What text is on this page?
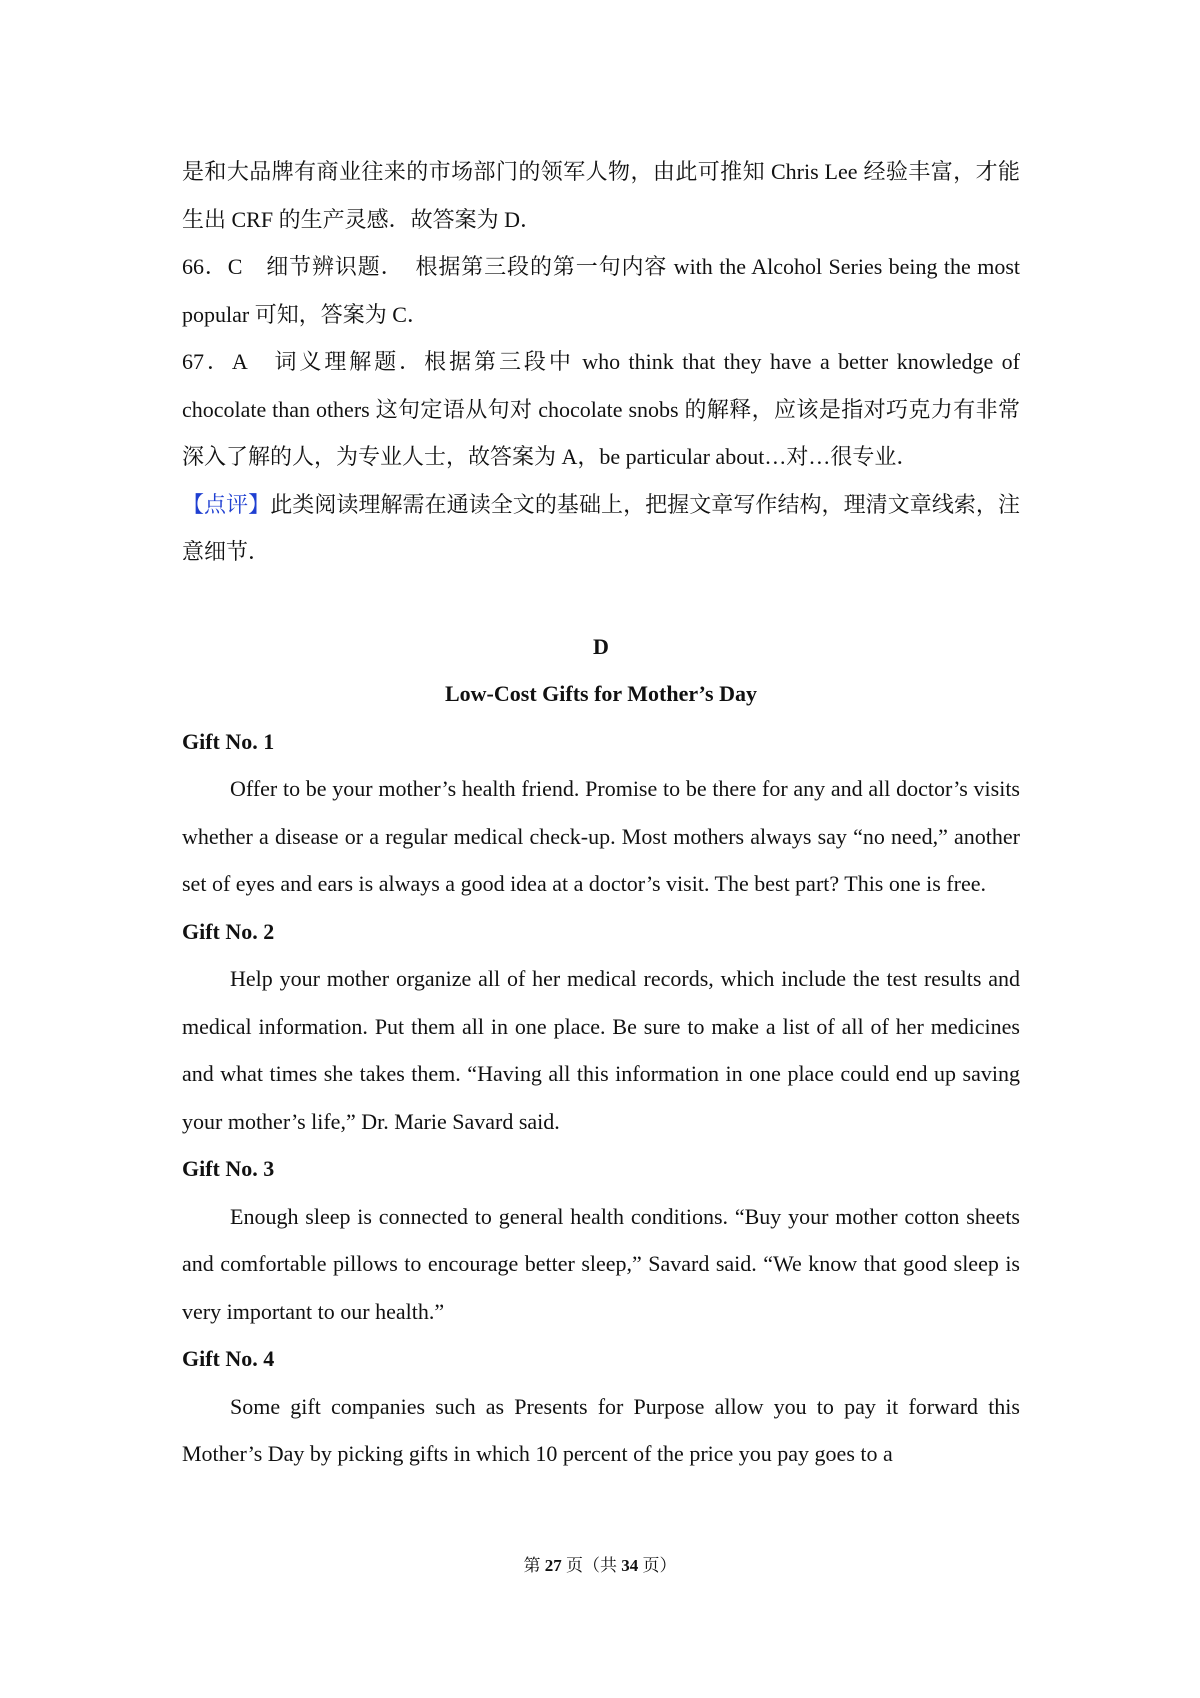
是和大品牌有商业往来的市场部门的领军人物，由此可推知 Chris Lee 经验丰富，才能生出 CRF 的生产灵感．故答案为 D．

66．C　细节辨识题．　根据第三段的第一句内容 with the Alcohol Series being the most popular 可知，答案为 C．

67．A　词义理解题．根据第三段中 who think that they have a better knowledge of chocolate than others 这句定语从句对 chocolate snobs 的解释，应该是指对巧克力有非常深入了解的人，为专业人士，故答案为 A，be particular about…对…很专业．

【点评】此类阅读理解需在通读全文的基础上，把握文章写作结构，理清文章线索，注意细节．

D

Low-Cost Gifts for Mother’s Day

Gift No. 1

Offer to be your mother’s health friend. Promise to be there for any and all doctor’s visits whether a disease or a regular medical check-up. Most mothers always say “no need,” another set of eyes and ears is always a good idea at a doctor’s visit. The best part? This one is free.

Gift No. 2

Help your mother organize all of her medical records, which include the test results and medical information. Put them all in one place. Be sure to make a list of all of her medicines and what times she takes them. “Having all this information in one place could end up saving your mother’s life,” Dr. Marie Savard said.

Gift No. 3

Enough sleep is connected to general health conditions. “Buy your mother cotton sheets and comfortable pillows to encourage better sleep,” Savard said. “We know that good sleep is very important to our health.”

Gift No. 4

Some gift companies such as Presents for Purpose allow you to pay it forward this Mother’s Day by picking gifts in which 10 percent of the price you pay goes to a

第 27 页（共 34 页）
